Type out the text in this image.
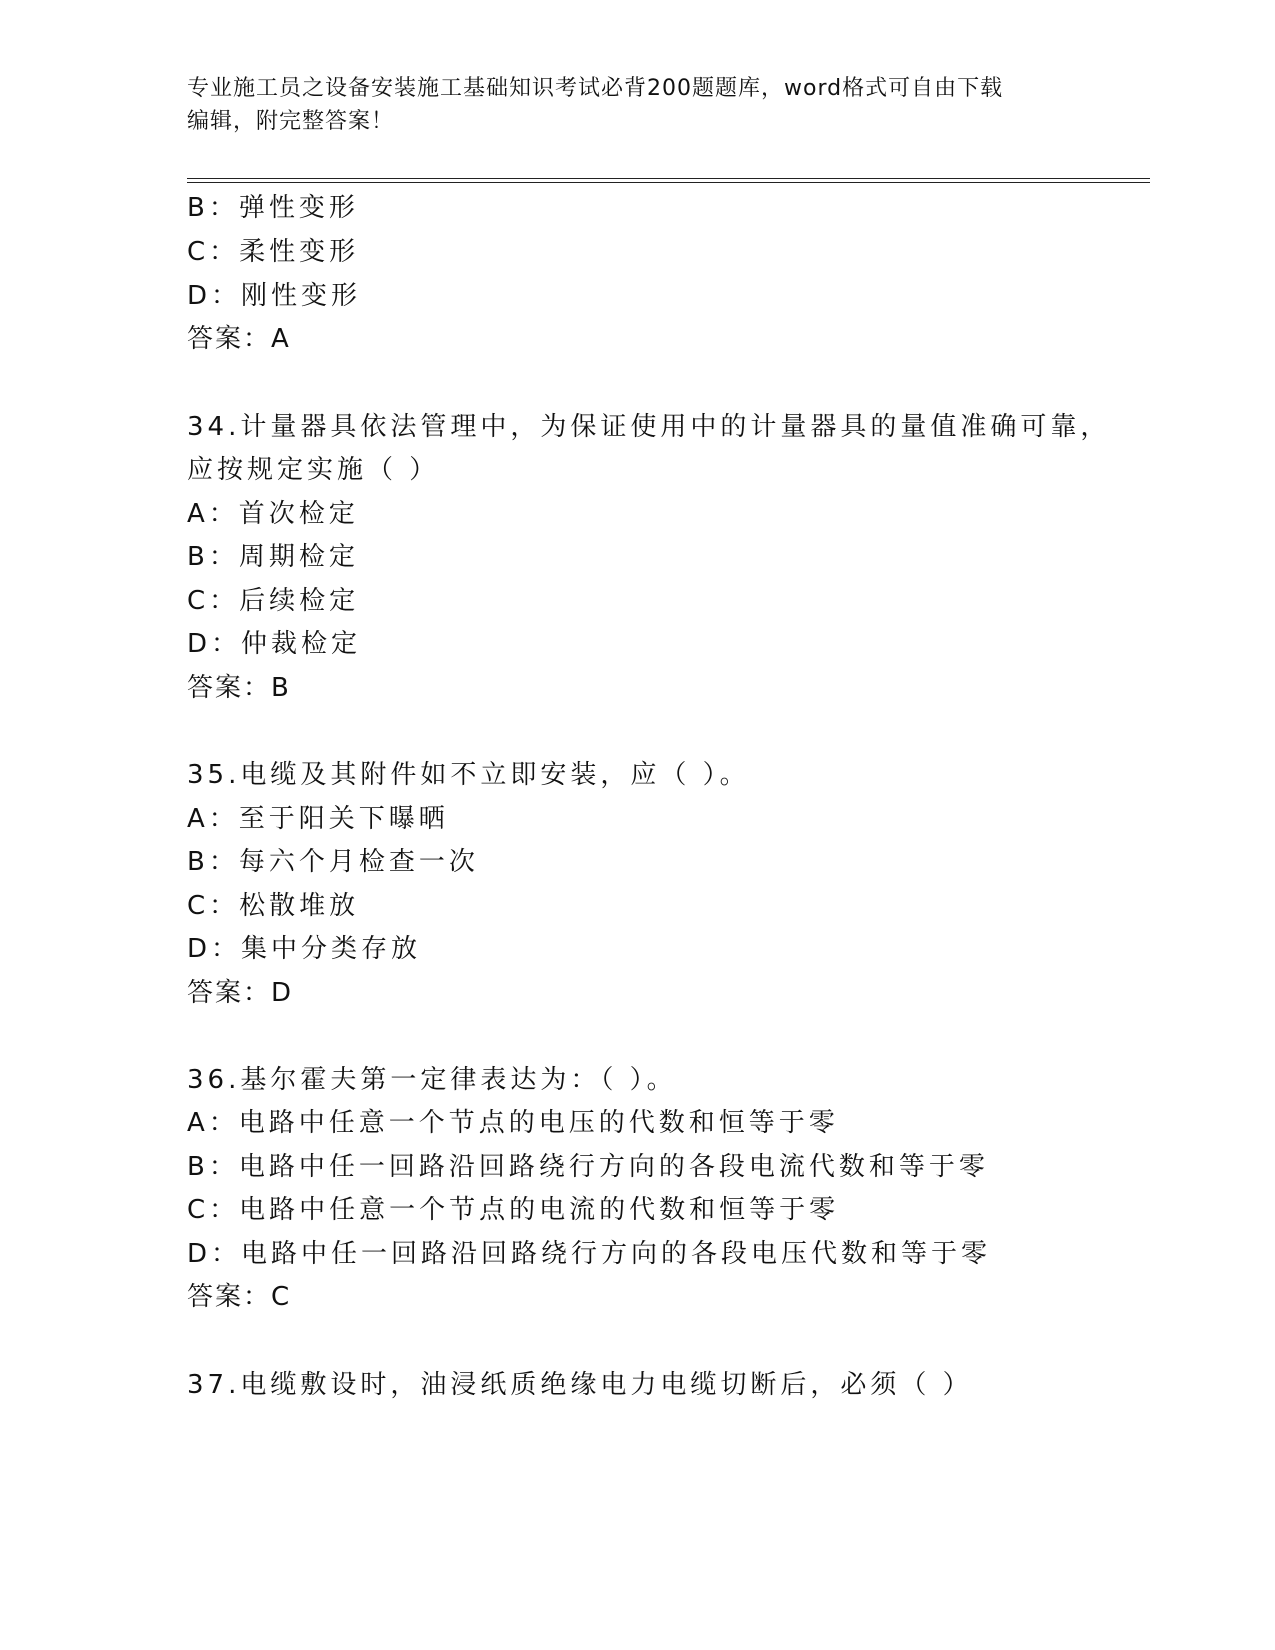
专业施工员之设备安装施工基础知识考试必背200题题库，word格式可自由下载
编辑，附完整答案！
B：弹性变形
C：柔性变形
D：刚性变形
答案：A
34.计量器具依法管理中，为保证使用中的计量器具的量值准确可靠，
应按规定实施（ ）
A：首次检定
B：周期检定
C：后续检定
D：仲裁检定
答案：B
35.电缆及其附件如不立即安装，应（ ）。
A：至于阳关下曝晒
B：每六个月检查一次
C：松散堆放
D：集中分类存放
答案：D
36.基尔霍夫第一定律表达为：（ ）。
A：电路中任意一个节点的电压的代数和恒等于零
B：电路中任一回路沿回路绕行方向的各段电流代数和等于零
C：电路中任意一个节点的电流的代数和恒等于零
D：电路中任一回路沿回路绕行方向的各段电压代数和等于零
答案：C
37.电缆敷设时，油浸纸质绝缘电力电缆切断后，必须（ ）
